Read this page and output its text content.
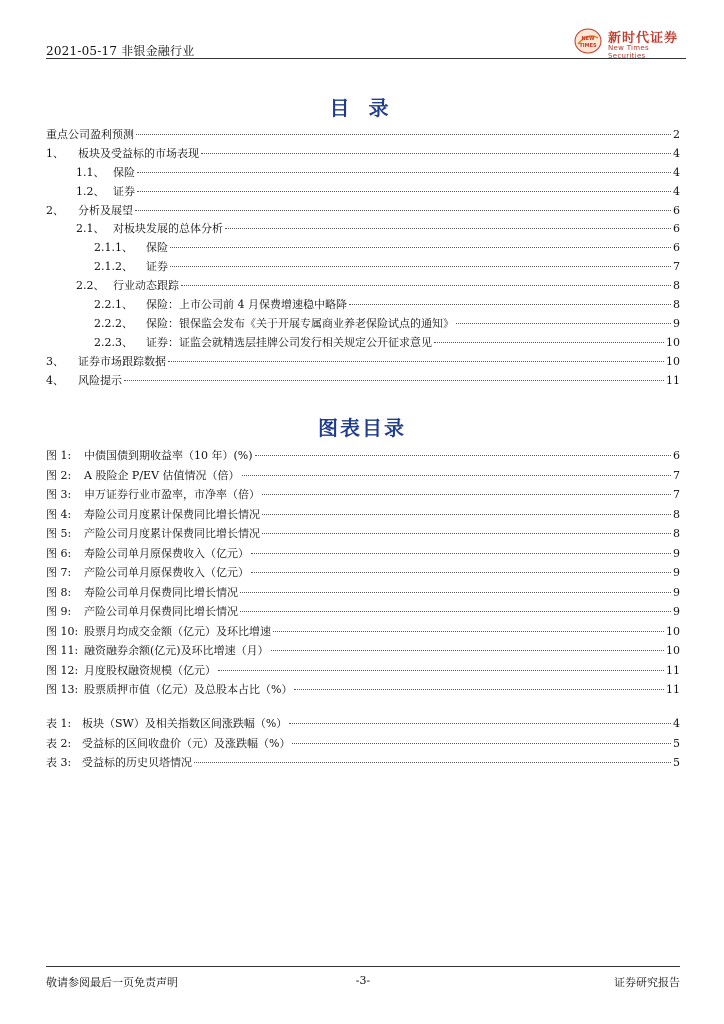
2021-05-17 非银金融行业
NEW
TIMES 新时代证券
New Times Securities
目 录
重点公司盈利预测	2
1、	板块及受益标的市场表现	4
1.1、 保险	4
1.2、 证券	4
2、	分析及展望	6
2.1、 对板块发展的总体分析	6
2.1.1、	保险	6
2.1.2、	证券	7
2.2、 行业动态跟踪	8
2.2.1、	保险：上市公司前 4 月保费增速稳中略降	8
2.2.2、	保险：银保监会发布《关于开展专属商业养老保险试点的通知》	9
2.2.3、	证券：证监会就精选层挂牌公司发行相关规定公开征求意见	10
3、	证券市场跟踪数据	10
4、	风险提示	11
图表目录
图 1:	中债国债到期收益率（10 年）(%)	6
图 2:	A 股险企 P/EV 估值情况（倍）	7
图 3:	申万证券行业市盈率，市净率（倍）	7
图 4:	寿险公司月度累计保费同比增长情况	8
图 5:	产险公司月度累计保费同比增长情况	8
图 6:	寿险公司单月原保费收入（亿元）	9
图 7:	产险公司单月原保费收入（亿元）	9
图 8:	寿险公司单月保费同比增长情况	9
图 9:	产险公司单月保费同比增长情况	9
图 10: 股票月均成交金额（亿元）及环比增速	10
图 11: 融资融券余额(亿元)及环比增速（月）	10
图 12: 月度股权融资规模（亿元）	11
图 13: 股票质押市值（亿元）及总股本占比（%）	11
表 1: 板块（SW）及相关指数区间涨跌幅（%）	4
表 2: 受益标的区间收盘价（元）及涨跌幅（%）	5
表 3: 受益标的历史贝塔情况	5
敬请参阅最后一页免责声明	-3-	证券研究报告
